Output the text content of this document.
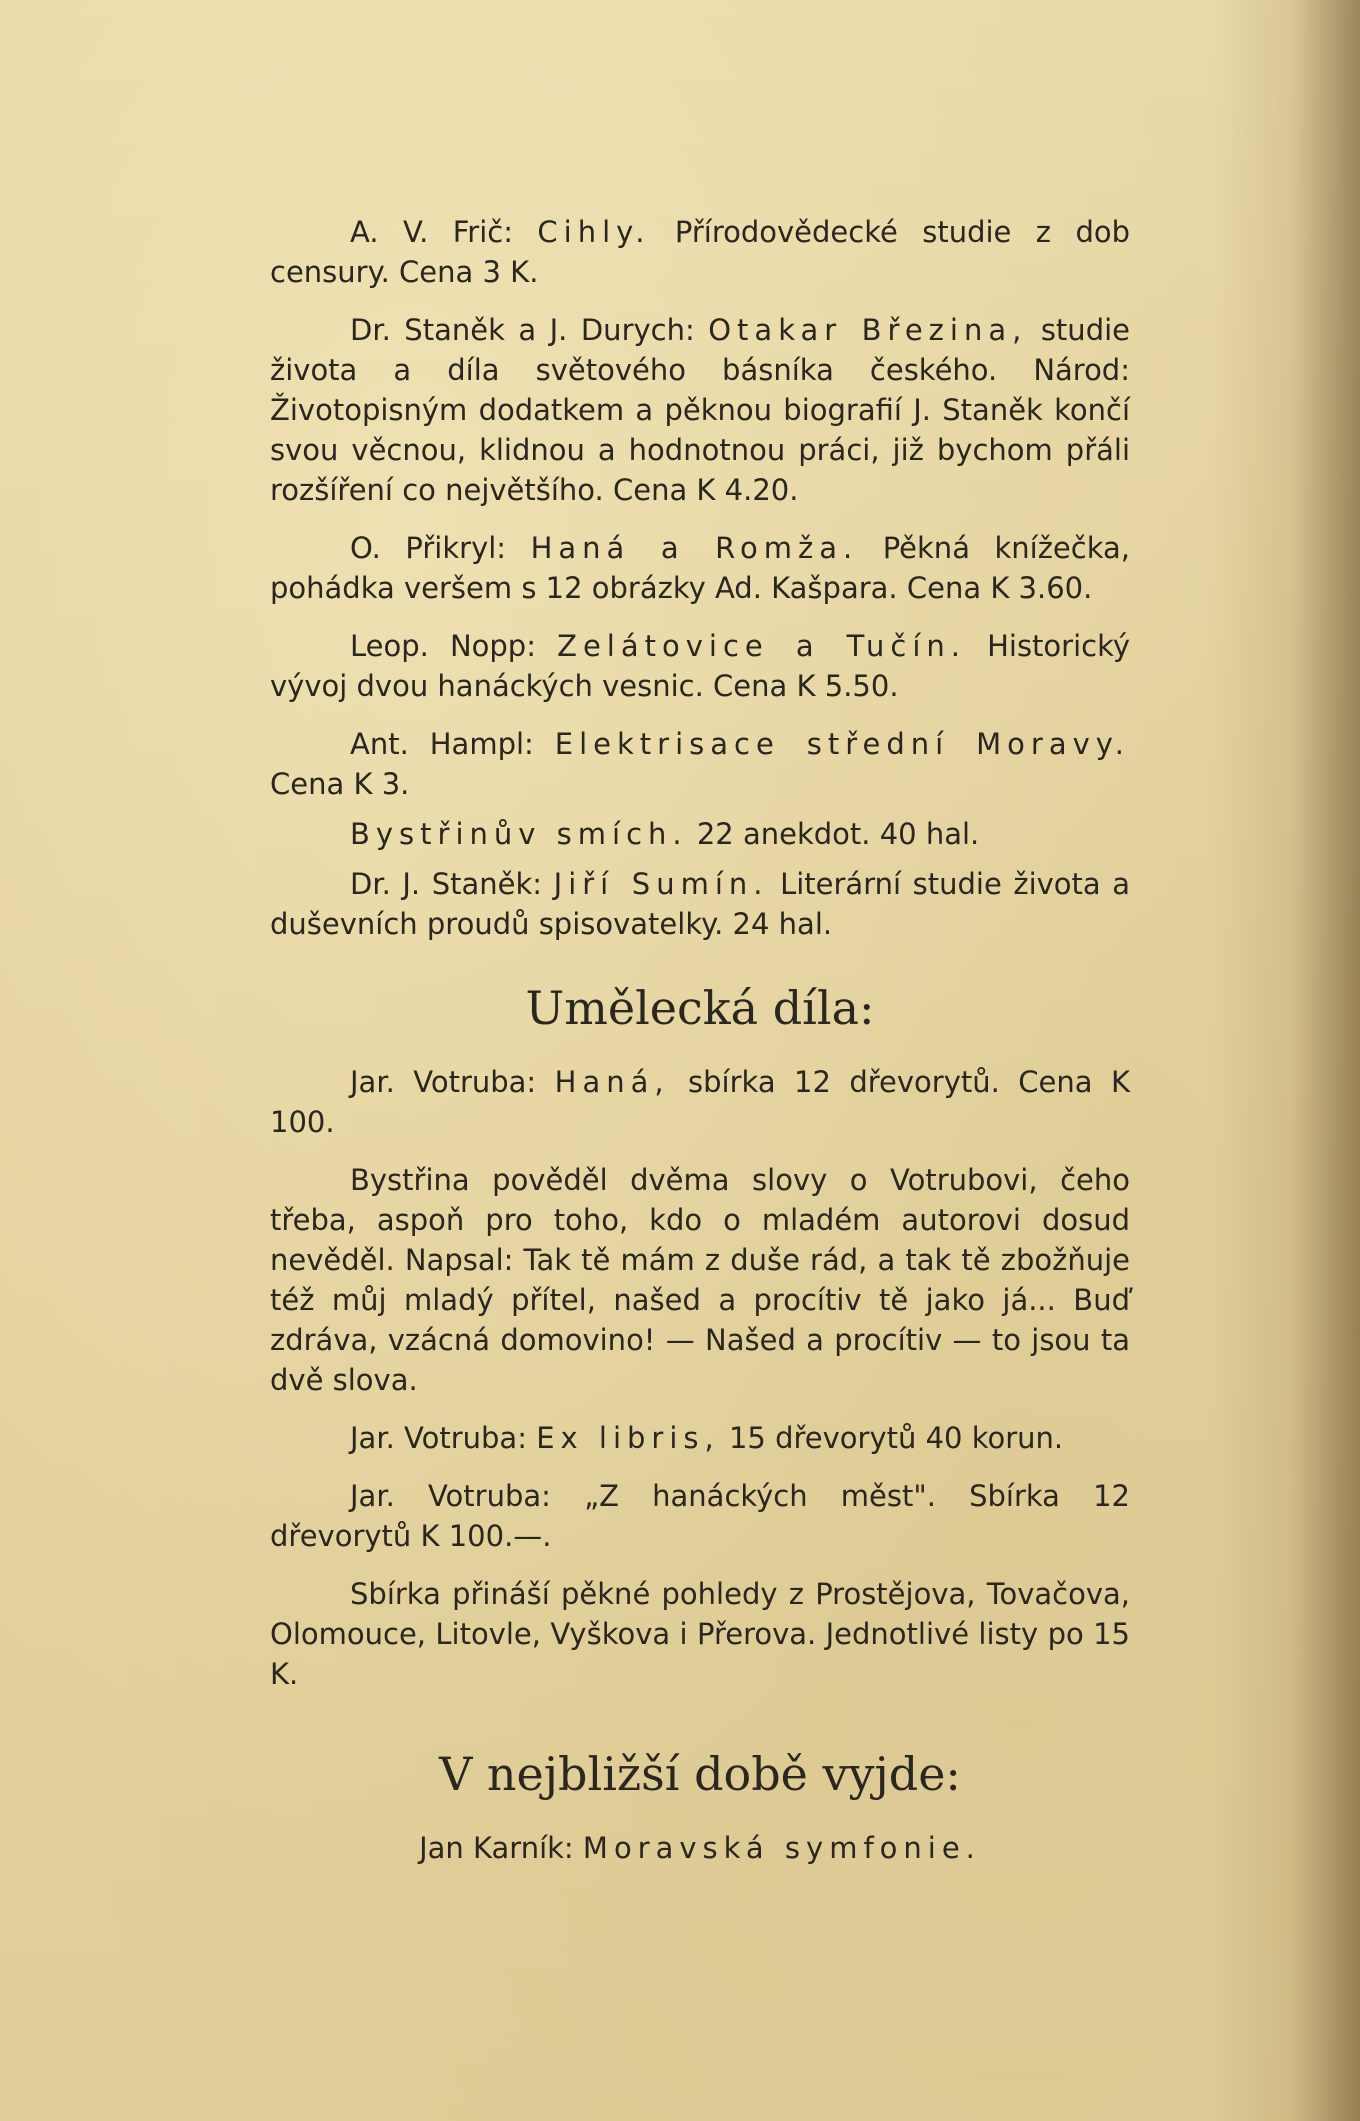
A. V. Frič: Cihly. Přírodovědecké studie z dob censury. Cena 3 K.

Dr. Staněk a J. Durych: Otakar Březina, studie života a díla světového básníka českého. Národ: Životopisným dodatkem a pěknou biografií J. Staněk končí svou věcnou, klidnou a hodnotnou práci, již bychom přáli rozšíření co největšího. Cena K 4.20.

O. Přikryl: Haná a Romža. Pěkná knížečka, pohádka veršem s 12 obrázky Ad. Kašpara. Cena K 3.60.

Leop. Nopp: Zelátovice a Tučín. Historický vývoj dvou hanáckých vesnic. Cena K 5.50.

Ant. Hampl: Elektrisace střední Moravy. Cena K 3.

Bystřinův smích. 22 anekdot. 40 hal.

Dr. J. Staněk: Jiří Sumín. Literární studie života a duševních proudů spisovatelky. 24 hal.

Umělecká díla:

Jar. Votruba: Haná, sbírka 12 dřevorytů. Cena K 100.

Bystřina pověděl dvěma slovy o Votrubovi, čeho třeba, aspoň pro toho, kdo o mladém autorovi dosud nevěděl. Napsal: Tak tě mám z duše rád, a tak tě zbožňuje též můj mladý přítel, našed a procítiv tě jako já... Buď zdráva, vzácná domovino! — Našed a procítiv — to jsou ta dvě slova.

Jar. Votruba: Ex libris, 15 dřevorytů 40 korun.

Jar. Votruba: „Z hanáckých měst". Sbírka 12 dřevorytů K 100.—.

Sbírka přináší pěkné pohledy z Prostějova, Tovačova, Olomouce, Litovle, Vyškova i Přerova. Jednotlivé listy po 15 K.

V nejbližší době vyjde:

Jan Karník: Moravská symfonie.
